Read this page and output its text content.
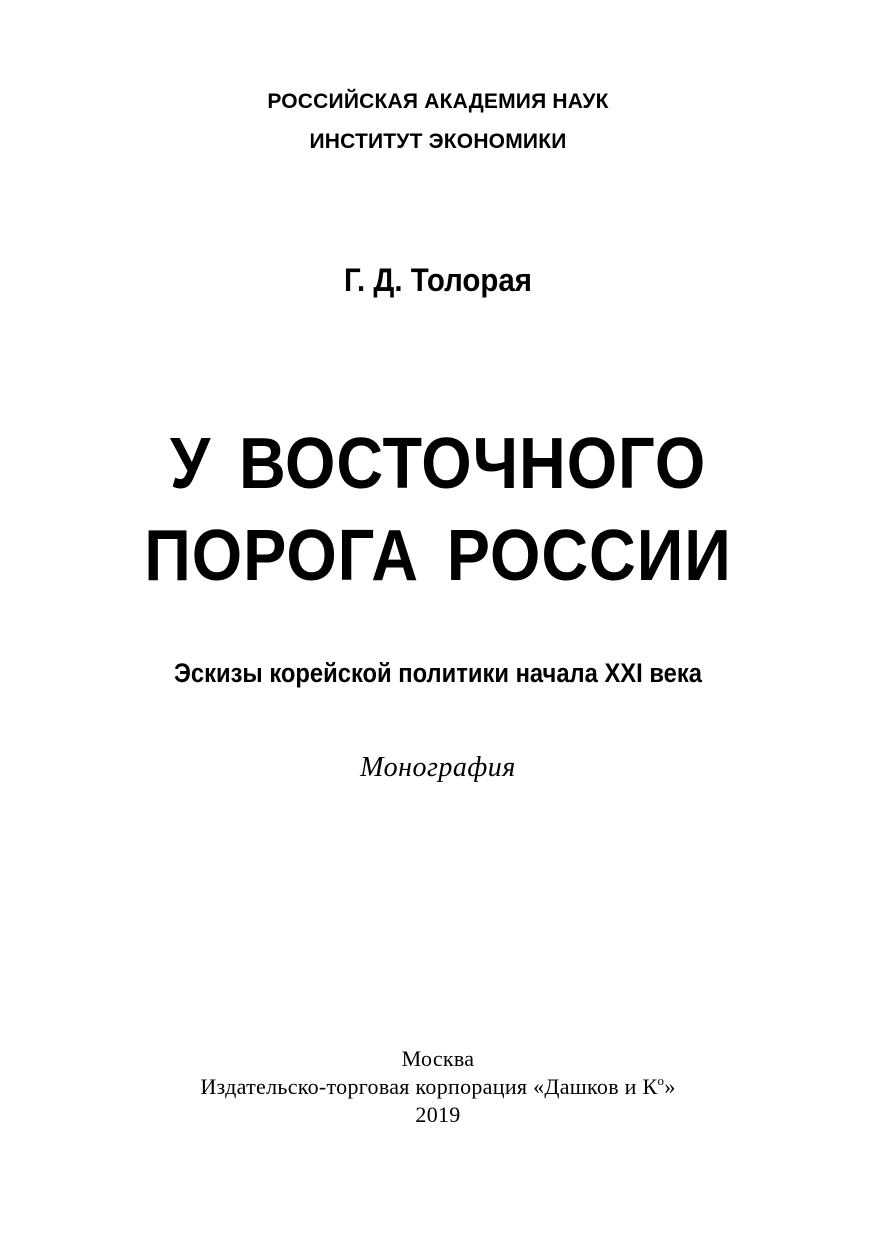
РОССИЙСКАЯ АКАДЕМИЯ НАУК
ИНСТИТУТ ЭКОНОМИКИ
Г. Д. Толорая
У ВОСТОЧНОГО
ПОРОГА РОССИИ
Эскизы корейской политики начала XXI века
Монография
Москва
Издательско-торговая корпорация «Дашков и $К^о$»
2019
